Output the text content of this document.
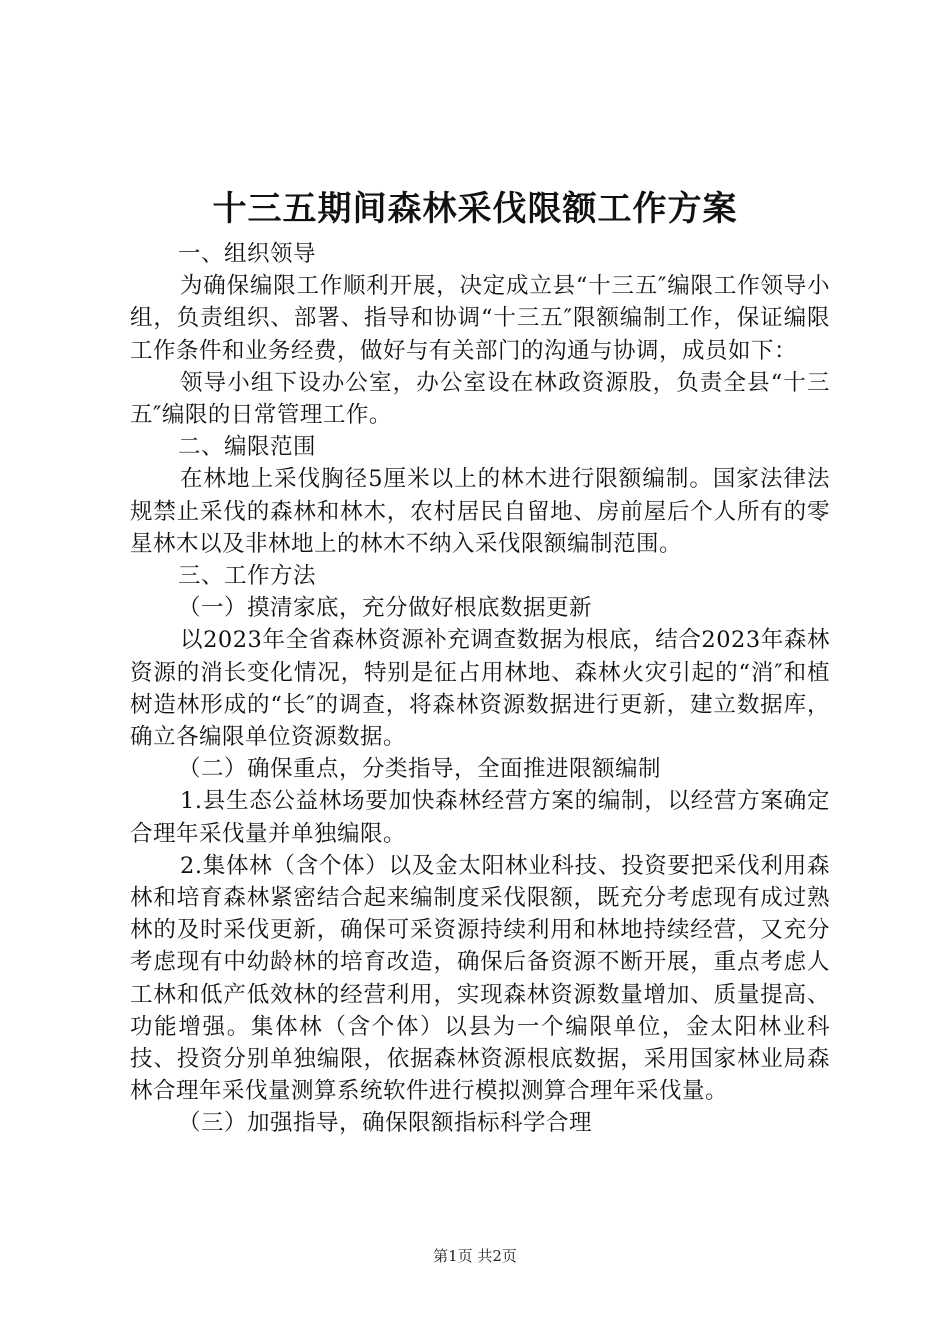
十三五期间森林采伐限额工作方案

一、组织领导

为确保编限工作顺利开展，决定成立县“十三五″编限工作领导小组，负责组织、部署、指导和协调“十三五″限额编制工作，保证编限工作条件和业务经费，做好与有关部门的沟通与协调，成员如下：

领导小组下设办公室，办公室设在林政资源股，负责全县“十三五″编限的日常管理工作。

二、编限范围

在林地上采伐胸径5厘米以上的林木进行限额编制。国家法律法规禁止采伐的森林和林木，农村居民自留地、房前屋后个人所有的零星林木以及非林地上的林木不纳入采伐限额编制范围。

三、工作方法

（一）摸清家底，充分做好根底数据更新

以2023年全省森林资源补充调查数据为根底，结合2023年森林资源的消长变化情况，特别是征占用林地、森林火灾引起的“消″和植树造林形成的“长″的调查，将森林资源数据进行更新，建立数据库，确立各编限单位资源数据。

（二）确保重点，分类指导，全面推进限额编制

1.县生态公益林场要加快森林经营方案的编制，以经营方案确定合理年采伐量并单独编限。

2.集体林（含个体）以及金太阳林业科技、投资要把采伐利用森林和培育森林紧密结合起来编制度采伐限额，既充分考虑现有成过熟林的及时采伐更新，确保可采资源持续利用和林地持续经营，又充分考虑现有中幼龄林的培育改造，确保后备资源不断开展，重点考虑人工林和低产低效林的经营利用，实现森林资源数量增加、质量提高、功能增强。集体林（含个体）以县为一个编限单位，金太阳林业科技、投资分别单独编限，依据森林资源根底数据，采用国家林业局森林合理年采伐量测算系统软件进行模拟测算合理年采伐量。

（三）加强指导，确保限额指标科学合理

第1页 共2页
